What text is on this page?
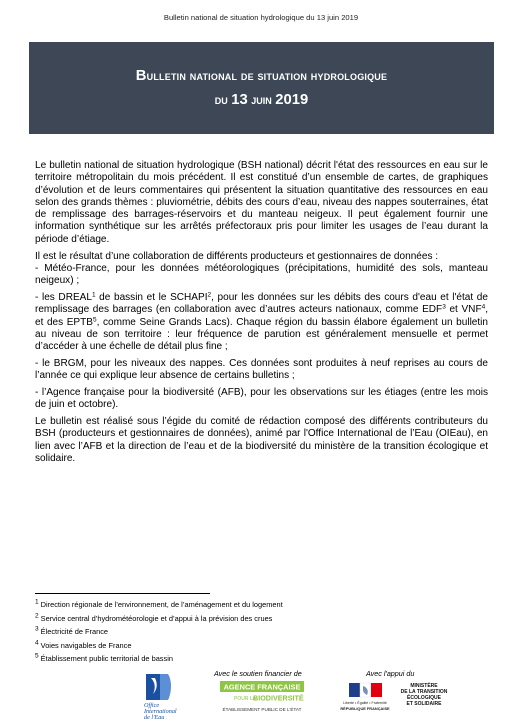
Bulletin national de situation hydrologique du 13 juin 2019
Bulletin national de situation hydrologique
du 13 juin 2019

Le bulletin national de situation hydrologique (BSH national) décrit l'état des ressources en eau sur le territoire métropolitain du mois précédent. Il est constitué d’un ensemble de cartes, de graphiques d’évolution et de leurs commentaires qui présentent la situation quantitative des ressources en eau selon des grands thèmes : pluviométrie, débits des cours d’eau, niveau des nappes souterraines, état de remplissage des barrages-réservoirs et du manteau neigeux. Il peut également fournir une information synthétique sur les arrêtés préfectoraux pris pour limiter les usages de l’eau durant la période d’étiage.

Il est le résultat d’une collaboration de différents producteurs et gestionnaires de données :

- Météo-France, pour les données météorologiques (précipitations, humidité des sols, manteau neigeux) ;

- les DREAL$^1$ de bassin et le SCHAPI$^2$, pour les données sur les débits des cours d'eau et l'état de remplissage des barrages (en collaboration avec d’autres acteurs nationaux, comme EDF$^3$ et VNF$^4$, et des EPTB$^5$, comme Seine Grands Lacs). Chaque région du bassin élabore également un bulletin au niveau de son territoire : leur fréquence de parution est généralement mensuelle et permet d’accéder à une échelle de détail plus fine ;

- le BRGM, pour les niveaux des nappes. Ces données sont produites à neuf reprises au cours de l’année ce qui explique leur absence de certains bulletins ;

- l’Agence française pour la biodiversité (AFB), pour les observations sur les étiages (entre les mois de juin et octobre).

Le bulletin est réalisé sous l’égide du comité de rédaction composé des différents contributeurs du BSH (producteurs et gestionnaires de données), animé par l'Office International de l’Eau (OIEau), en lien avec l’AFB et la direction de l’eau et de la biodiversité du ministère de la transition écologique et solidaire.

$^1$ Direction régionale de l’environnement, de l’aménagement et du logement
$^2$ Service central d’hydrométéorologie et d’appui à la prévision des crues
$^3$ Électricité de France
$^4$ Voies navigables de France
$^5$ Établissement public territorial de bassin
Avec le soutien financier de	Avec l'appui du
Office
International
de l'Eau
AGENCE FRANÇAISE
POUR LA
BIODIVERSITÉ
ÉTABLISSEMENT PUBLIC DE L'ÉTAT
Liberté • Égalité • Fraternité
RÉPUBLIQUE FRANÇAISE
MINISTÈRE
DE LA TRANSITION
ÉCOLOGIQUE
ET SOLIDAIRE
